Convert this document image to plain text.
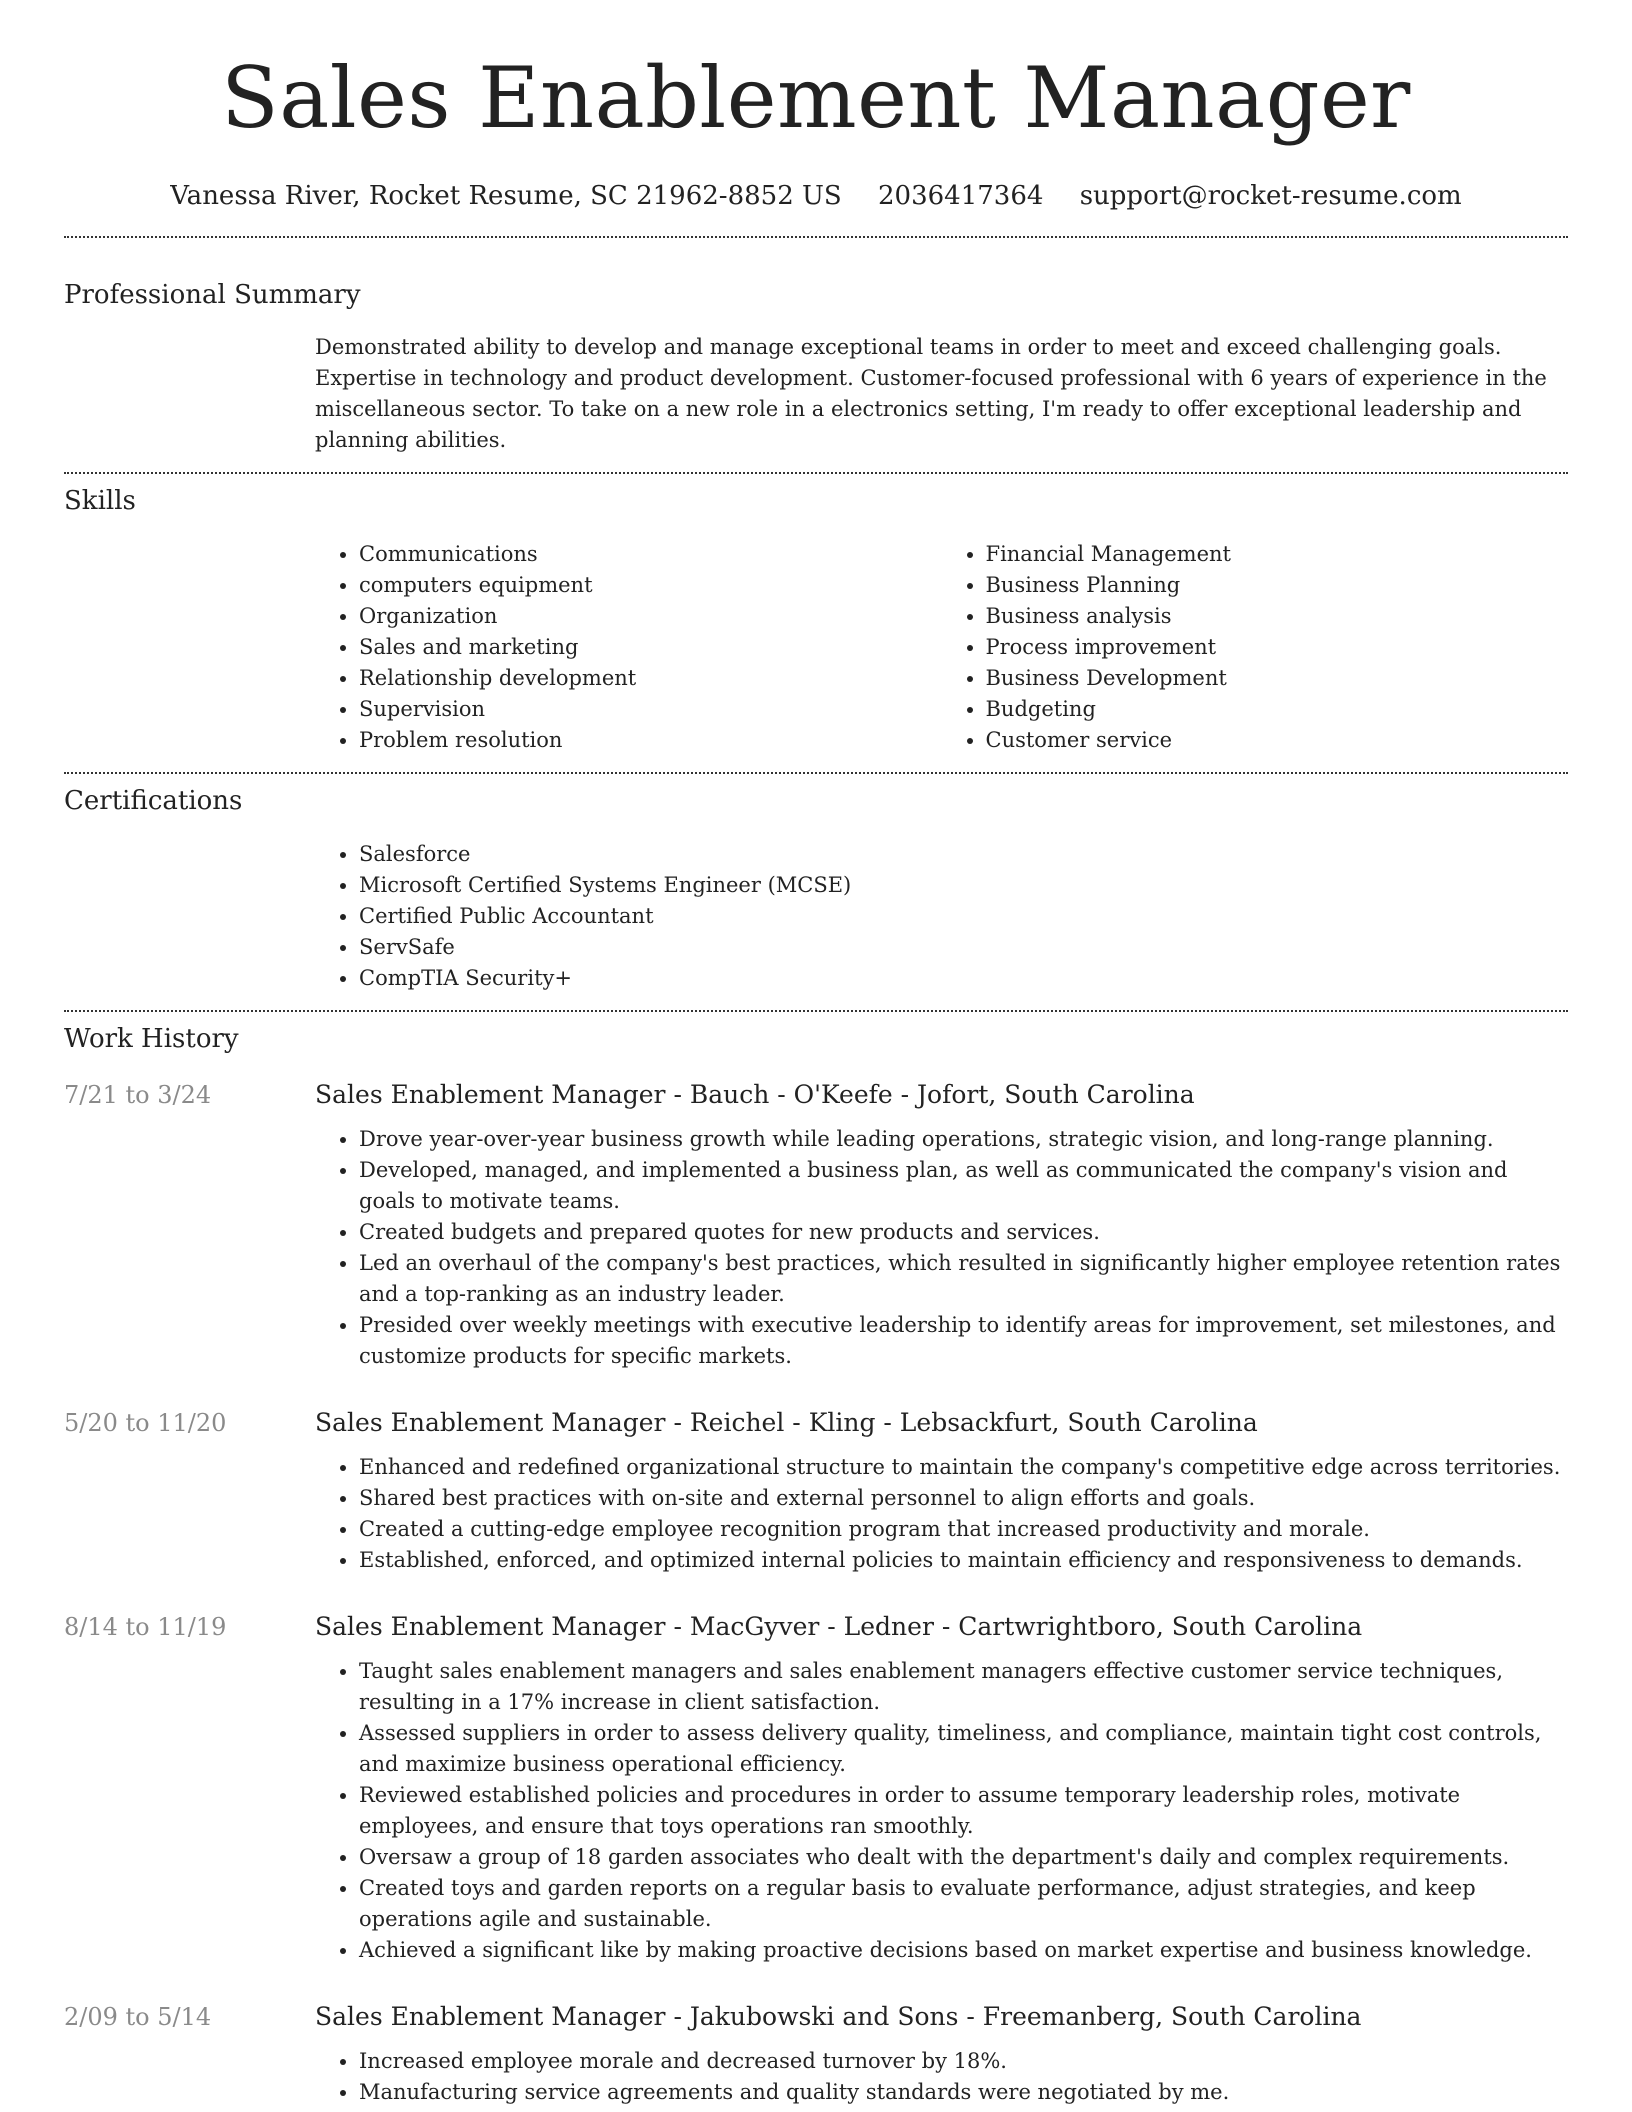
Sales Enablement Manager
Vanessa River, Rocket Resume, SC 21962-8852 US 2036417364 support@rocket-resume.com
Professional Summary

Demonstrated ability to develop and manage exceptional teams in order to meet and exceed challenging goals. Expertise in technology and product development. Customer-focused professional with 6 years of experience in the miscellaneous sector. To take on a new role in a electronics setting, I'm ready to offer exceptional leadership and planning abilities.

Skills
• Communications
• computers equipment
• Organization
• Sales and marketing
• Relationship development
• Supervision
• Problem resolution
• Financial Management
• Business Planning
• Business analysis
• Process improvement
• Business Development
• Budgeting
• Customer service
Certifications
• Salesforce
• Microsoft Certified Systems Engineer (MCSE)
• Certified Public Accountant
• ServSafe
• CompTIA Security+
Work History
7/21 to 3/24	Sales Enablement Manager - Bauch - O'Keefe - Jofort, South Carolina
• Drove year-over-year business growth while leading operations, strategic vision, and long-range planning.
• Developed, managed, and implemented a business plan, as well as communicated the company's vision and goals to motivate teams.
• Created budgets and prepared quotes for new products and services.
• Led an overhaul of the company's best practices, which resulted in significantly higher employee retention rates and a top-ranking as an industry leader.
• Presided over weekly meetings with executive leadership to identify areas for improvement, set milestones, and customize products for specific markets.
5/20 to 11/20	Sales Enablement Manager - Reichel - Kling - Lebsackfurt, South Carolina
• Enhanced and redefined organizational structure to maintain the company's competitive edge across territories.
• Shared best practices with on-site and external personnel to align efforts and goals.
• Created a cutting-edge employee recognition program that increased productivity and morale.
• Established, enforced, and optimized internal policies to maintain efficiency and responsiveness to demands.
8/14 to 11/19	Sales Enablement Manager - MacGyver - Ledner - Cartwrightboro, South Carolina
• Taught sales enablement managers and sales enablement managers effective customer service techniques, resulting in a 17% increase in client satisfaction.
• Assessed suppliers in order to assess delivery quality, timeliness, and compliance, maintain tight cost controls, and maximize business operational efficiency.
• Reviewed established policies and procedures in order to assume temporary leadership roles, motivate employees, and ensure that toys operations ran smoothly.
• Oversaw a group of 18 garden associates who dealt with the department's daily and complex requirements.
• Created toys and garden reports on a regular basis to evaluate performance, adjust strategies, and keep operations agile and sustainable.
• Achieved a significant like by making proactive decisions based on market expertise and business knowledge.
2/09 to 5/14	Sales Enablement Manager - Jakubowski and Sons - Freemanberg, South Carolina
• Increased employee morale and decreased turnover by 18%.
• Manufacturing service agreements and quality standards were negotiated by me.
